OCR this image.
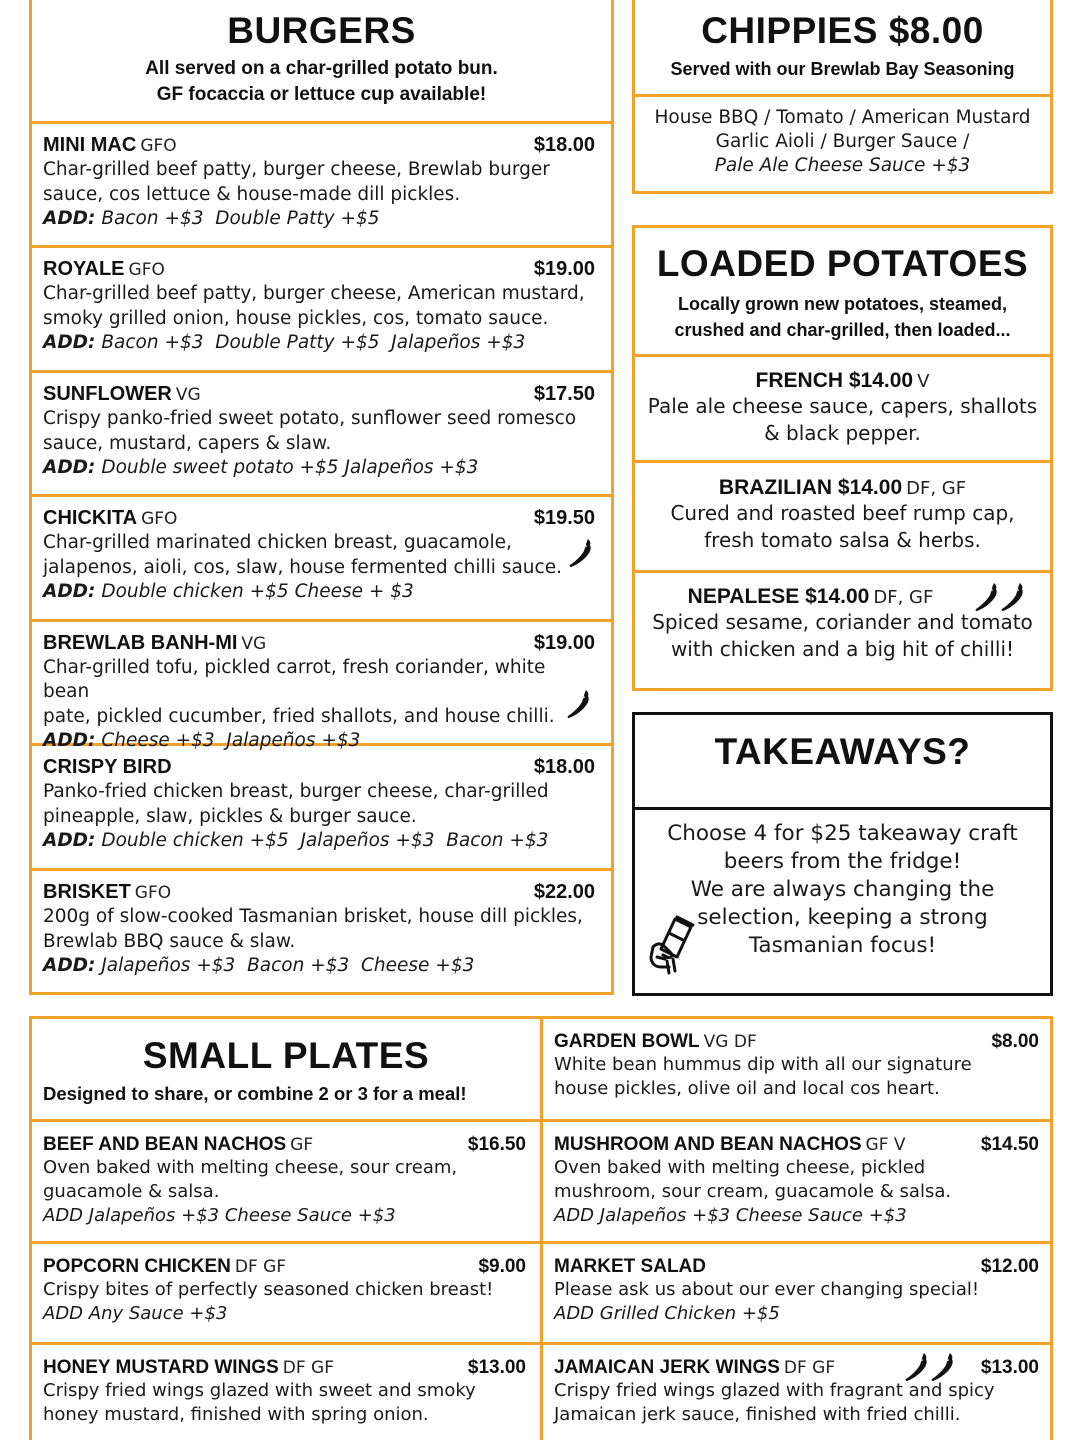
BURGERS
All served on a char-grilled potato bun.
GF focaccia or lettuce cup available!
MINI MAC GFO	$18.00
Char-grilled beef patty, burger cheese, Brewlab burger
sauce, cos lettuce & house-made dill pickles.
ADD: Bacon +$3  Double Patty +$5
ROYALE GFO	$19.00
Char-grilled beef patty, burger cheese, American mustard,
smoky grilled onion, house pickles, cos, tomato sauce.
ADD: Bacon +$3  Double Patty +$5  Jalapeños +$3
SUNFLOWER VG	$17.50
Crispy panko-fried sweet potato, sunflower seed romesco
sauce, mustard, capers & slaw.
ADD: Double sweet potato +$5 Jalapeños +$3
CHICKITA GFO	$19.50
Char-grilled marinated chicken breast, guacamole,
jalapenos, aioli, cos, slaw, house fermented chilli sauce.
ADD: Double chicken +$5 Cheese + $3
BREWLAB BANH-MI VG	$19.00
Char-grilled tofu, pickled carrot, fresh coriander, white bean
pate, pickled cucumber, fried shallots, and house chilli.
ADD: Cheese +$3  Jalapeños +$3
CRISPY BIRD	$18.00
Panko-fried chicken breast, burger cheese, char-grilled
pineapple, slaw, pickles & burger sauce.
ADD: Double chicken +$5  Jalapeños +$3  Bacon +$3
BRISKET GFO	$22.00
200g of slow-cooked Tasmanian brisket, house dill pickles,
Brewlab BBQ sauce & slaw.
ADD: Jalapeños +$3  Bacon +$3  Cheese +$3
CHIPPIES $8.00
Served with our Brewlab Bay Seasoning
House BBQ / Tomato / American Mustard
Garlic Aioli / Burger Sauce /
Pale Ale Cheese Sauce +$3
LOADED POTATOES
Locally grown new potatoes, steamed,
crushed and char-grilled, then loaded...
FRENCH $14.00 V
Pale ale cheese sauce, capers, shallots
& black pepper.
BRAZILIAN $14.00 DF, GF
Cured and roasted beef rump cap,
fresh tomato salsa & herbs.
NEPALESE $14.00 DF, GF
Spiced sesame, coriander and tomato
with chicken and a big hit of chilli!
TAKEAWAYS?
Choose 4 for $25 takeaway craft
beers from the fridge!
We are always changing the
selection, keeping a strong
Tasmanian focus!
SMALL PLATES
Designed to share, or combine 2 or 3 for a meal!
GARDEN BOWL VG DF	$8.00
White bean hummus dip with all our signature
house pickles, olive oil and local cos heart.
BEEF AND BEAN NACHOS GF	$16.50
Oven baked with melting cheese, sour cream,
guacamole & salsa.
ADD Jalapeños +$3 Cheese Sauce +$3
MUSHROOM AND BEAN NACHOS GF V	$14.50
Oven baked with melting cheese, pickled
mushroom, sour cream, guacamole & salsa.
ADD Jalapeños +$3 Cheese Sauce +$3
POPCORN CHICKEN DF GF	$9.00
Crispy bites of perfectly seasoned chicken breast!
ADD Any Sauce +$3
MARKET SALAD	$12.00
Please ask us about our ever changing special!
ADD Grilled Chicken +$5
HONEY MUSTARD WINGS DF GF	$13.00
Crispy fried wings glazed with sweet and smoky
honey mustard, finished with spring onion.
JAMAICAN JERK WINGS DF GF	$13.00
Crispy fried wings glazed with fragrant and spicy
Jamaican jerk sauce, finished with fried chilli.
